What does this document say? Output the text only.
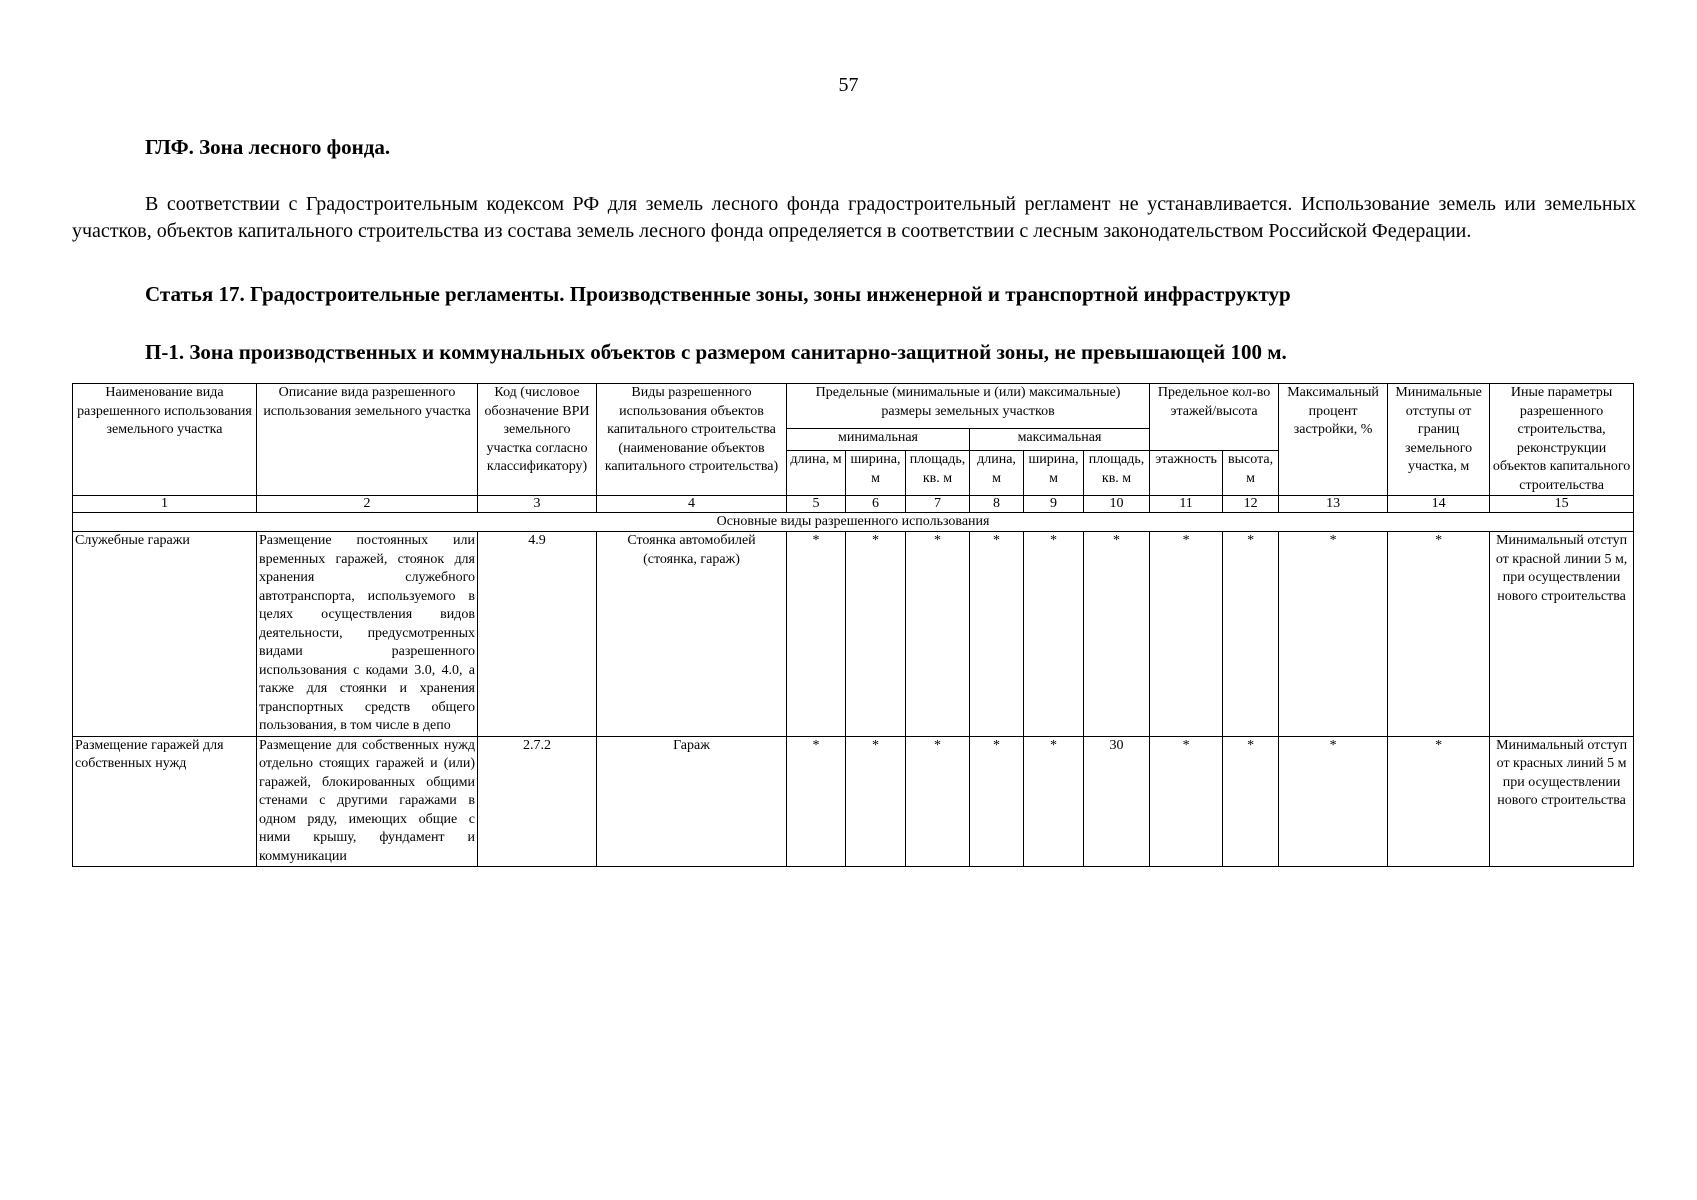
57
ГЛФ. Зона лесного фонда.
В соответствии с Градостроительным кодексом РФ для земель лесного фонда градостроительный регламент не устанавливается. Использование земель или земельных участков, объектов капитального строительства из состава земель лесного фонда определяется в соответствии с лесным законодательством Российской Федерации.
Статья 17. Градостроительные регламенты. Производственные зоны, зоны инженерной и транспортной инфраструктур
П-1. Зона производственных и коммунальных объектов с размером санитарно-защитной зоны, не превышающей 100 м.
Наименование вида разрешенного использования земельного участка	Описание вида разрешенного использования земельного участка	Код (числовое обозначение ВРИ земельного участка согласно классификатору)	Виды разрешенного использования объектов капитального строительства (наименование объектов капитального строительства)	Предельные (минимальные и (или) максимальные) размеры земельных участков						Предельное кол-во этажей/высота		Максимальный процент застройки, %	Минимальные отступы от границ земельного участка, м	Иные параметры разрешенного строительства, реконструкции объектов капитального строительства
				минимальная			максимальная							
				длина, м	ширина, м	площадь, кв. м	длина, м	ширина, м	площадь, кв. м	этажность	высота, м			
1	2	3	4	5	6	7	8	9	10	11	12	13	14	15
Основные виды разрешенного использования														
Служебные гаражи	Размещение постоянных или временных гаражей, стоянок для хранения служебного автотранспорта, используемого в целях осуществления видов деятельности, предусмотренных видами разрешенного использования с кодами 3.0, 4.0, а также для стоянки и хранения транспортных средств общего пользования, в том числе в депо	4.9	Стоянка автомобилей (стоянка, гараж)	*	*	*	*	*	*	*	*	*	*	Минимальный отступ от красной линии 5 м, при осуществлении нового строительства
Размещение гаражей для собственных нужд	Размещение для собственных нужд отдельно стоящих гаражей и (или) гаражей, блокированных общими стенами с другими гаражами в одном ряду, имеющих общие с ними крышу, фундамент и коммуникации	2.7.2	Гараж	*	*	*	*	*	30	*	*	*	*	Минимальный отступ от красных линий 5 м при осуществлении нового строительства
